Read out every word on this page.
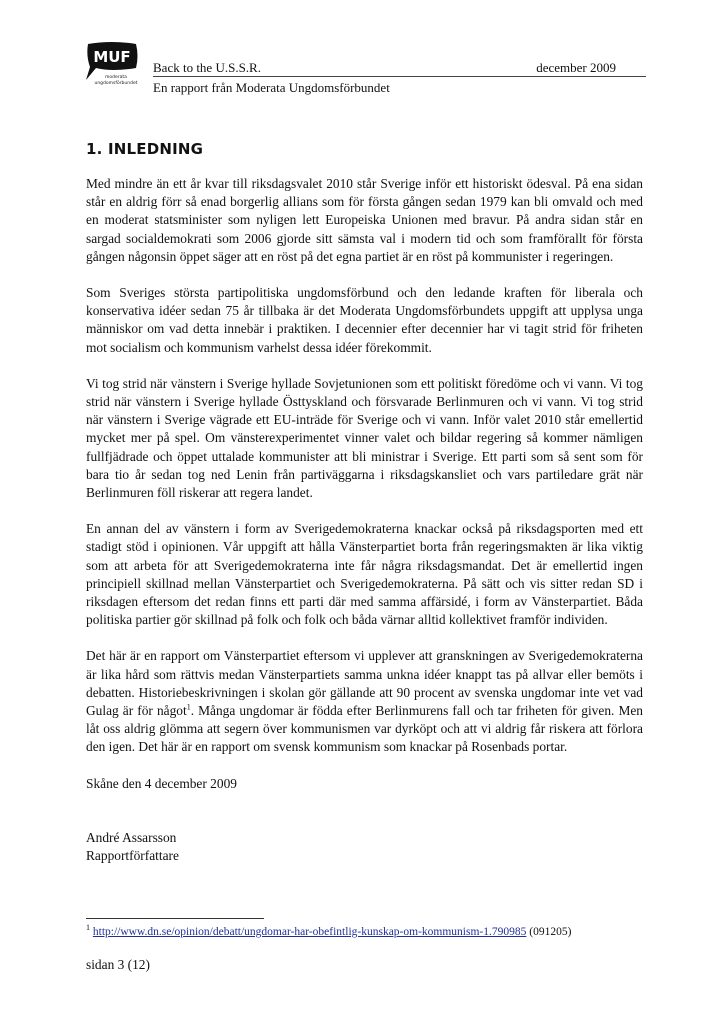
MUF
moderata
ungdomsförbundet
Back to the U.S.S.R.	december 2009
En rapport från Moderata Ungdomsförbundet
1. INLEDNING

Med mindre än ett år kvar till riksdagsvalet 2010 står Sverige inför ett historiskt ödesval. På ena sidan står en aldrig förr så enad borgerlig allians som för första gången sedan 1979 kan bli omvald och med en moderat statsminister som nyligen lett Europeiska Unionen med bravur. På andra sidan står en sargad socialdemokrati som 2006 gjorde sitt sämsta val i modern tid och som framförallt för första gången någonsin öppet säger att en röst på det egna partiet är en röst på kommunister i regeringen.

Som Sveriges största partipolitiska ungdomsförbund och den ledande kraften för liberala och konservativa idéer sedan 75 år tillbaka är det Moderata Ungdomsförbundets uppgift att upplysa unga människor om vad detta innebär i praktiken. I decennier efter decennier har vi tagit strid för friheten mot socialism och kommunism varhelst dessa idéer förekommit.

Vi tog strid när vänstern i Sverige hyllade Sovjetunionen som ett politiskt föredöme och vi vann. Vi tog strid när vänstern i Sverige hyllade Östtyskland och försvarade Berlinmuren och vi vann. Vi tog strid när vänstern i Sverige vägrade ett EU-inträde för Sverige och vi vann. Inför valet 2010 står emellertid mycket mer på spel. Om vänsterexperimentet vinner valet och bildar regering så kommer nämligen fullfjädrade och öppet uttalade kommunister att bli ministrar i Sverige. Ett parti som så sent som för bara tio år sedan tog ned Lenin från partiväggarna i riksdagskansliet och vars partiledare grät när Berlinmuren föll riskerar att regera landet.

En annan del av vänstern i form av Sverigedemokraterna knackar också på riksdagsporten med ett stadigt stöd i opinionen. Vår uppgift att hålla Vänsterpartiet borta från regeringsmakten är lika viktig som att arbeta för att Sverigedemokraterna inte får några riksdagsmandat. Det är emellertid ingen principiell skillnad mellan Vänsterpartiet och Sverigedemokraterna. På sätt och vis sitter redan SD i riksdagen eftersom det redan finns ett parti där med samma affärsidé, i form av Vänsterpartiet. Båda politiska partier gör skillnad på folk och folk och båda värnar alltid kollektivet framför individen.

Det här är en rapport om Vänsterpartiet eftersom vi upplever att granskningen av Sverigedemokraterna är lika hård som rättvis medan Vänsterpartiets samma unkna idéer knappt tas på allvar eller bemöts i debatten. Historiebeskrivningen i skolan gör gällande att 90 procent av svenska ungdomar inte vet vad Gulag är för något$^1$. Många ungdomar är födda efter Berlinmurens fall och tar friheten för given. Men låt oss aldrig glömma att segern över kommunismen var dyrköpt och att vi aldrig får riskera att förlora den igen. Det här är en rapport om svensk kommunism som knackar på Rosenbads portar.

Skåne den 4 december 2009

André Assarsson

Rapportförfattare

$^1$ http://www.dn.se/opinion/debatt/ungdomar-har-obefintlig-kunskap-om-kommunism-1.790985 (091205)
sidan 3 (12)
